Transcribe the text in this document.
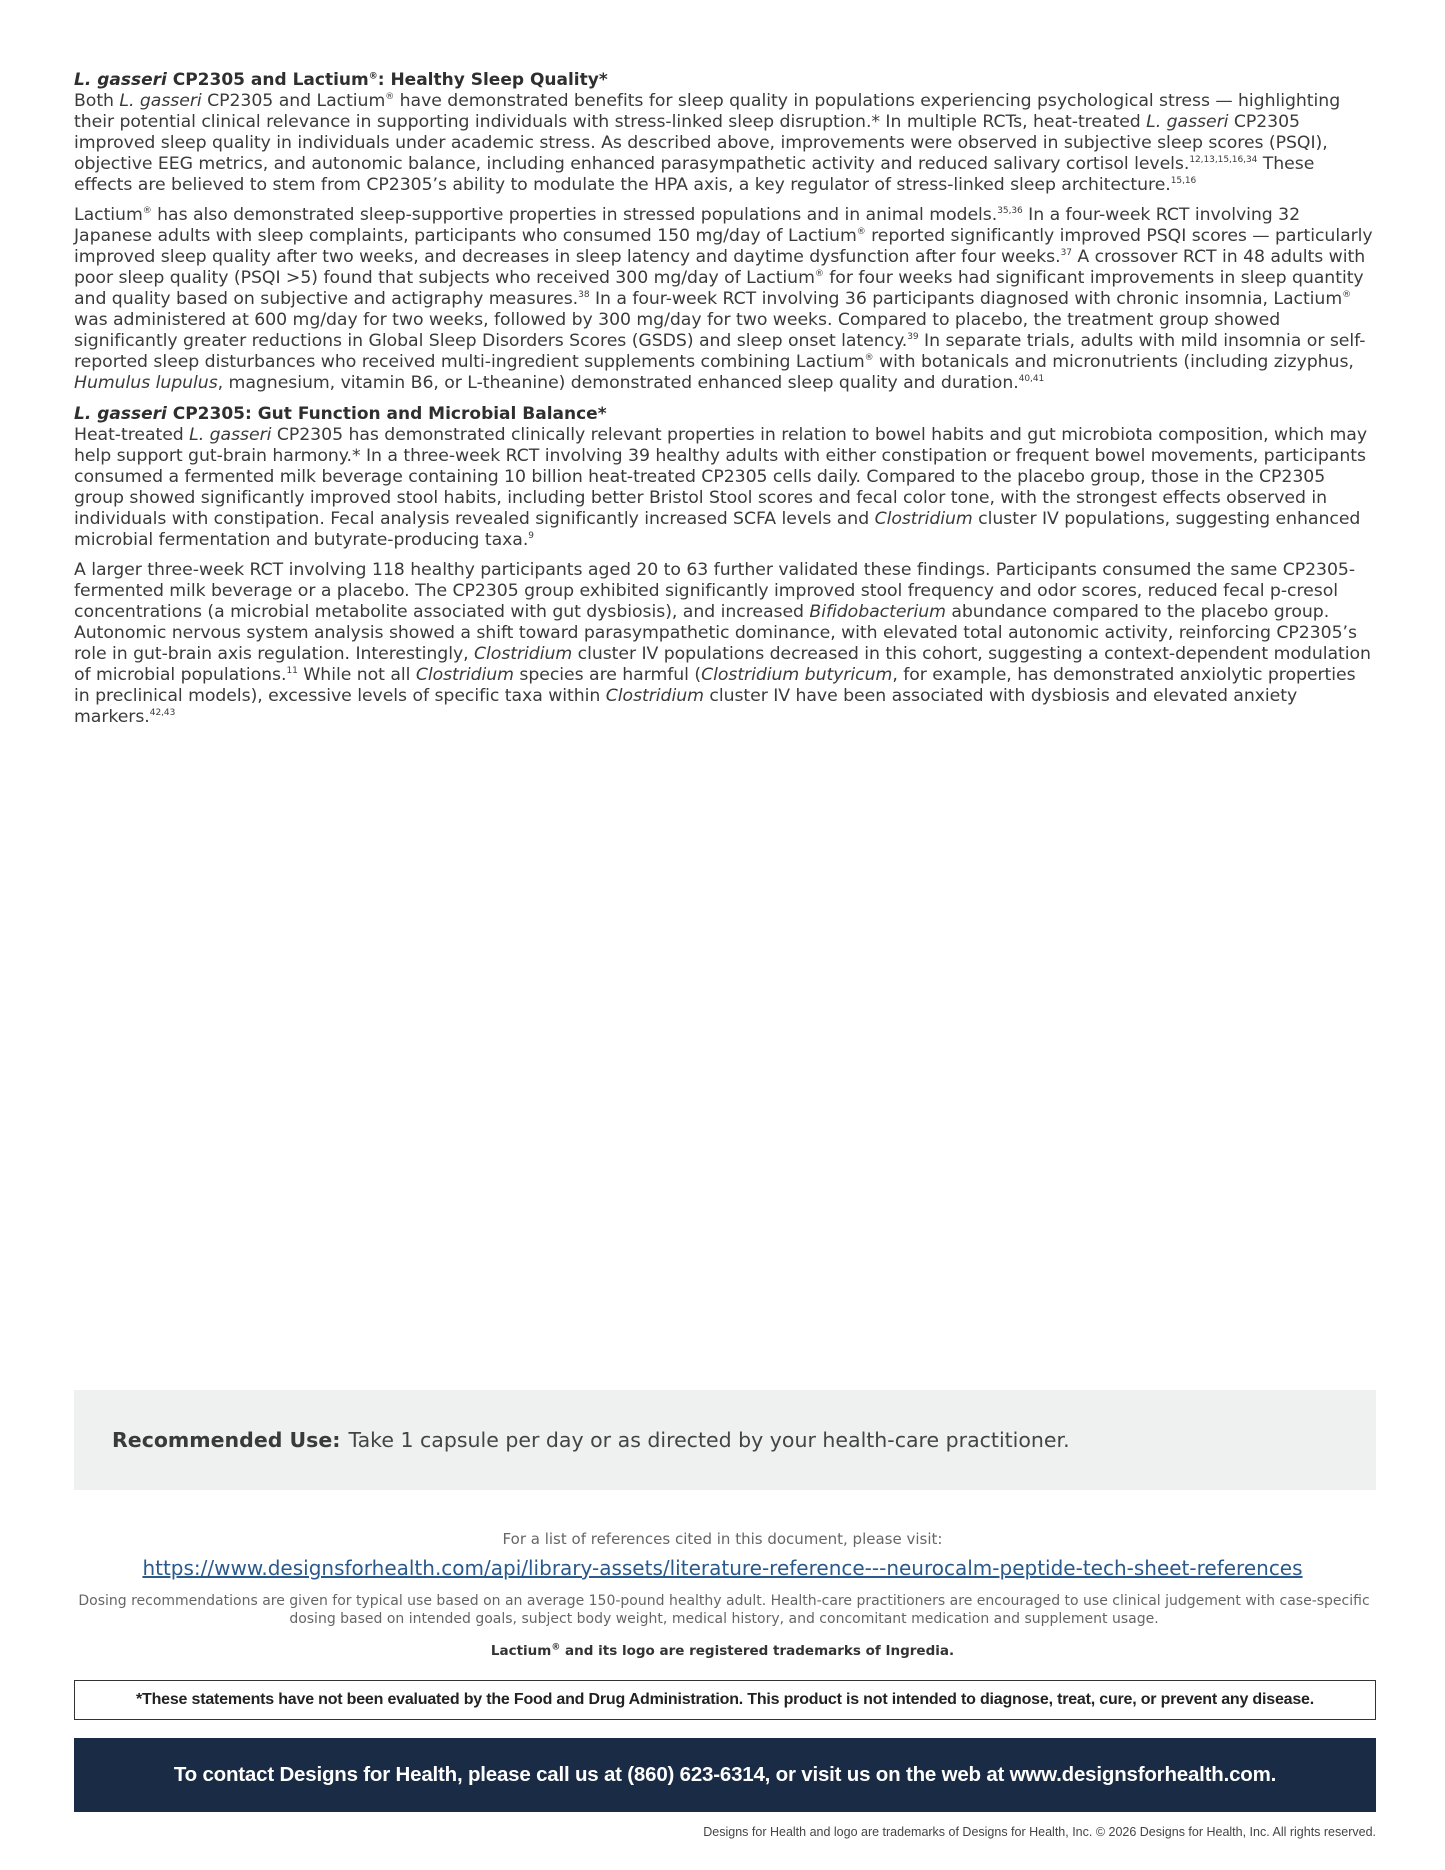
L. gasseri CP2305 and Lactium®: Healthy Sleep Quality*

Both L. gasseri CP2305 and Lactium® have demonstrated benefits for sleep quality in populations experiencing psychological stress — highlighting their potential clinical relevance in supporting individuals with stress-linked sleep disruption.* In multiple RCTs, heat-treated L. gasseri CP2305 improved sleep quality in individuals under academic stress. As described above, improvements were observed in subjective sleep scores (PSQI), objective EEG metrics, and autonomic balance, including enhanced parasympathetic activity and reduced salivary cortisol levels.$^{12,13,15,16,34}$ These effects are believed to stem from CP2305’s ability to modulate the HPA axis, a key regulator of stress-linked sleep architecture.$^{15,16}$

Lactium® has also demonstrated sleep-supportive properties in stressed populations and in animal models.$^{35,36}$ In a four-week RCT involving 32 Japanese adults with sleep complaints, participants who consumed 150 mg/day of Lactium® reported significantly improved PSQI scores — particularly improved sleep quality after two weeks, and decreases in sleep latency and daytime dysfunction after four weeks.$^{37}$ A crossover RCT in 48 adults with poor sleep quality (PSQI >5) found that subjects who received 300 mg/day of Lactium® for four weeks had significant improvements in sleep quantity and quality based on subjective and actigraphy measures.$^{38}$ In a four-week RCT involving 36 participants diagnosed with chronic insomnia, Lactium® was administered at 600 mg/day for two weeks, followed by 300 mg/day for two weeks. Compared to placebo, the treatment group showed significantly greater reductions in Global Sleep Disorders Scores (GSDS) and sleep onset latency.$^{39}$ In separate trials, adults with mild insomnia or self-reported sleep disturbances who received multi-ingredient supplements combining Lactium® with botanicals and micronutrients (including zizyphus, Humulus lupulus, magnesium, vitamin B6, or L-theanine) demonstrated enhanced sleep quality and duration.$^{40,41}$

L. gasseri CP2305: Gut Function and Microbial Balance*

Heat-treated L. gasseri CP2305 has demonstrated clinically relevant properties in relation to bowel habits and gut microbiota composition, which may help support gut-brain harmony.* In a three-week RCT involving 39 healthy adults with either constipation or frequent bowel movements, participants consumed a fermented milk beverage containing 10 billion heat-treated CP2305 cells daily. Compared to the placebo group, those in the CP2305 group showed significantly improved stool habits, including better Bristol Stool scores and fecal color tone, with the strongest effects observed in individuals with constipation. Fecal analysis revealed significantly increased SCFA levels and Clostridium cluster IV populations, suggesting enhanced microbial fermentation and butyrate-producing taxa.$^9$

A larger three-week RCT involving 118 healthy participants aged 20 to 63 further validated these findings. Participants consumed the same CP2305-fermented milk beverage or a placebo. The CP2305 group exhibited significantly improved stool frequency and odor scores, reduced fecal p-cresol concentrations (a microbial metabolite associated with gut dysbiosis), and increased Bifidobacterium abundance compared to the placebo group. Autonomic nervous system analysis showed a shift toward parasympathetic dominance, with elevated total autonomic activity, reinforcing CP2305’s role in gut-brain axis regulation. Interestingly, Clostridium cluster IV populations decreased in this cohort, suggesting a context-dependent modulation of microbial populations.$^{11}$ While not all Clostridium species are harmful (Clostridium butyricum, for example, has demonstrated anxiolytic properties in preclinical models), excessive levels of specific taxa within Clostridium cluster IV have been associated with dysbiosis and elevated anxiety markers.$^{42,43}$

Recommended Use: Take 1 capsule per day or as directed by your health-care practitioner.
For a list of references cited in this document, please visit:
https://www.designsforhealth.com/api/library-assets/literature-reference---neurocalm-peptide-tech-sheet-references
Dosing recommendations are given for typical use based on an average 150-pound healthy adult. Health-care practitioners are encouraged to use clinical judgement with case-specific dosing based on intended goals, subject body weight, medical history, and concomitant medication and supplement usage.
Lactium® and its logo are registered trademarks of Ingredia.
*These statements have not been evaluated by the Food and Drug Administration. This product is not intended to diagnose, treat, cure, or prevent any disease.
To contact Designs for Health, please call us at (860) 623-6314, or visit us on the web at www.designsforhealth.com.
Designs for Health and logo are trademarks of Designs for Health, Inc. © 2026 Designs for Health, Inc. All rights reserved.
